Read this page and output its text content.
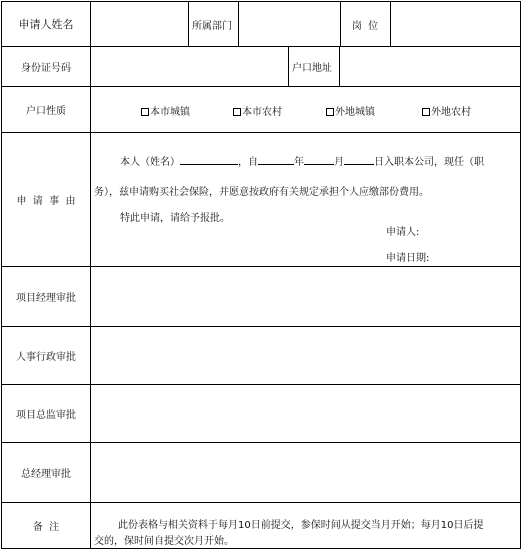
申请人姓名	所属部门	岗  位
身份证号码	户口地址
户口性质	本市城镇	本市农村	外地城镇	外地农村
申  请  事  由
本人（姓名）	，自	年	月	日入职本公司，现任（职
务），兹申请购买社会保险，并愿意按政府有关规定承担个人应缴部份费用。
特此申请，请给予报批。
申请人:
申请日期:
项目经理审批
人事行政审批
项目总监审批
总经理审批
备  注	此份表格与相关资料于每月10日前提交，参保时间从提交当月开始；每月10日后提
交的，保时间自提交次月开始。
